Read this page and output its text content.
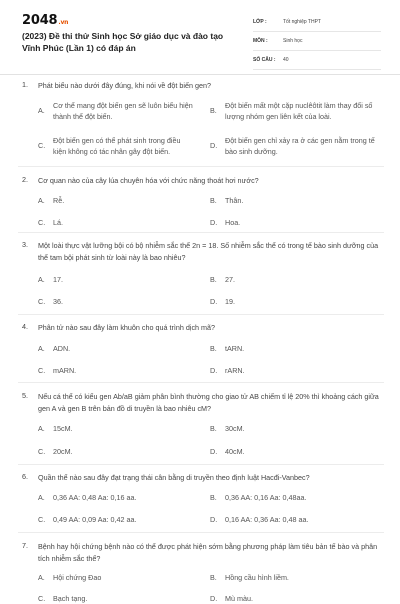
2048.vn
(2023) Đề thi thử Sinh học Sở giáo dục và đào tạo Vĩnh Phúc (Lần 1) có đáp án
LỚP :	Tốt nghiệp THPT
MÔN :	Sinh học
SỐ CÂU :	40
1. Phát biểu nào dưới đây đúng, khi nói về đột biến gen?
A.
Cơ thể mang đột biến gen sẽ luôn biểu hiện thành thể đột biến.
B.
Đột biến mất một cặp nuclêôtit làm thay đổi số lượng nhóm gen liên kết của loài.
C.
Đột biến gen có thể phát sinh trong điều kiện không có tác nhân gây đột biến.
D.
Đột biến gen chỉ xảy ra ở các gen nằm trong tế bào sinh dưỡng.
2. Cơ quan nào của cây lúa chuyên hóa với chức năng thoát hơi nước?
A. Rễ.	B. Thân.
C. Lá.	D. Hoa.
3. Một loài thực vật lưỡng bội có bộ nhiễm sắc thể 2n = 18. Số nhiễm sắc thể có trong tế bào sinh dưỡng của thể tam bội phát sinh từ loài này là bao nhiêu?
A. 17.	B. 27.
C. 36.	D. 19.
4. Phân tử nào sau đây làm khuôn cho quá trình dịch mã?
A. ADN.	B. tARN.
C. mARN.	D. rARN.
5. Nếu cá thể có kiểu gen Ab/aB giảm phân bình thường cho giao tử AB chiếm tỉ lệ 20% thì khoảng cách giữa gen A và gen B trên bản đồ di truyền là bao nhiêu cM?
A. 15cM.	B. 30cM.
C. 20cM.	D. 40cM.
6. Quần thể nào sau đây đạt trạng thái cân bằng di truyền theo định luật Hacđi-Vanbec?
A. 0,36 AA: 0,48 Aa: 0,16 aa.	B. 0,36 AA: 0,16 Aa: 0,48aa.
C. 0,49 AA: 0,09 Aa: 0,42 aa.	D. 0,16 AA: 0,36 Aa: 0,48 aa.
7. Bệnh hay hội chứng bệnh nào có thể được phát hiện sớm bằng phương pháp làm tiêu bản tế bào và phân tích nhiễm sắc thể?
A. Hội chứng Đao	B. Hồng cầu hình liềm.
C. Bạch tạng.	D. Mù màu.
